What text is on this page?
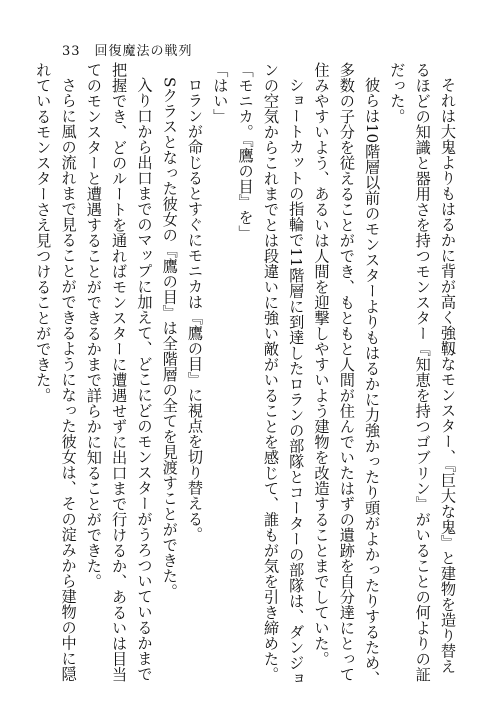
33 回復魔法の戦列

それは大鬼よりもはるかに背が高く強靱なモンスター、『巨大な鬼』と建物を造り替え

るほどの知識と器用さを持つモンスター『知恵を持つゴブリン』がいることの何よりの証

だった。

彼らは10階層以前のモンスターよりもはるかに力強かったり頭がよかったりするため、

多数の子分を従えることができ、もともと人間が住んでいたはずの遺跡を自分達にとって

住みやすいよう、あるいは人間を迎撃しやすいよう建物を改造することまでしていた。

ショートカットの指輪で11階層に到達したロランの部隊とコーターの部隊は、ダンジョ

ンの空気からこれまでとは段違いに強い敵がいることを感じて、誰もが気を引き締めた。

「モニカ。『鷹の目』を」

「はい」

ロランが命じるとすぐにモニカは『鷹の目』に視点を切り替える。

Sクラスとなった彼女の『鷹の目』は全階層の全てを見渡すことができた。

入り口から出口までのマップに加えて、どこにどのモンスターがうろついているかまで

把握でき、どのルートを通ればモンスターに遭遇せずに出口まで行けるか、あるいは目当

てのモンスターと遭遇することができるかまで詳らかに知ることができた。

さらに風の流れまで見ることができるようになった彼女は、その淀みから建物の中に隠

れているモンスターさえ見つけることができた。
